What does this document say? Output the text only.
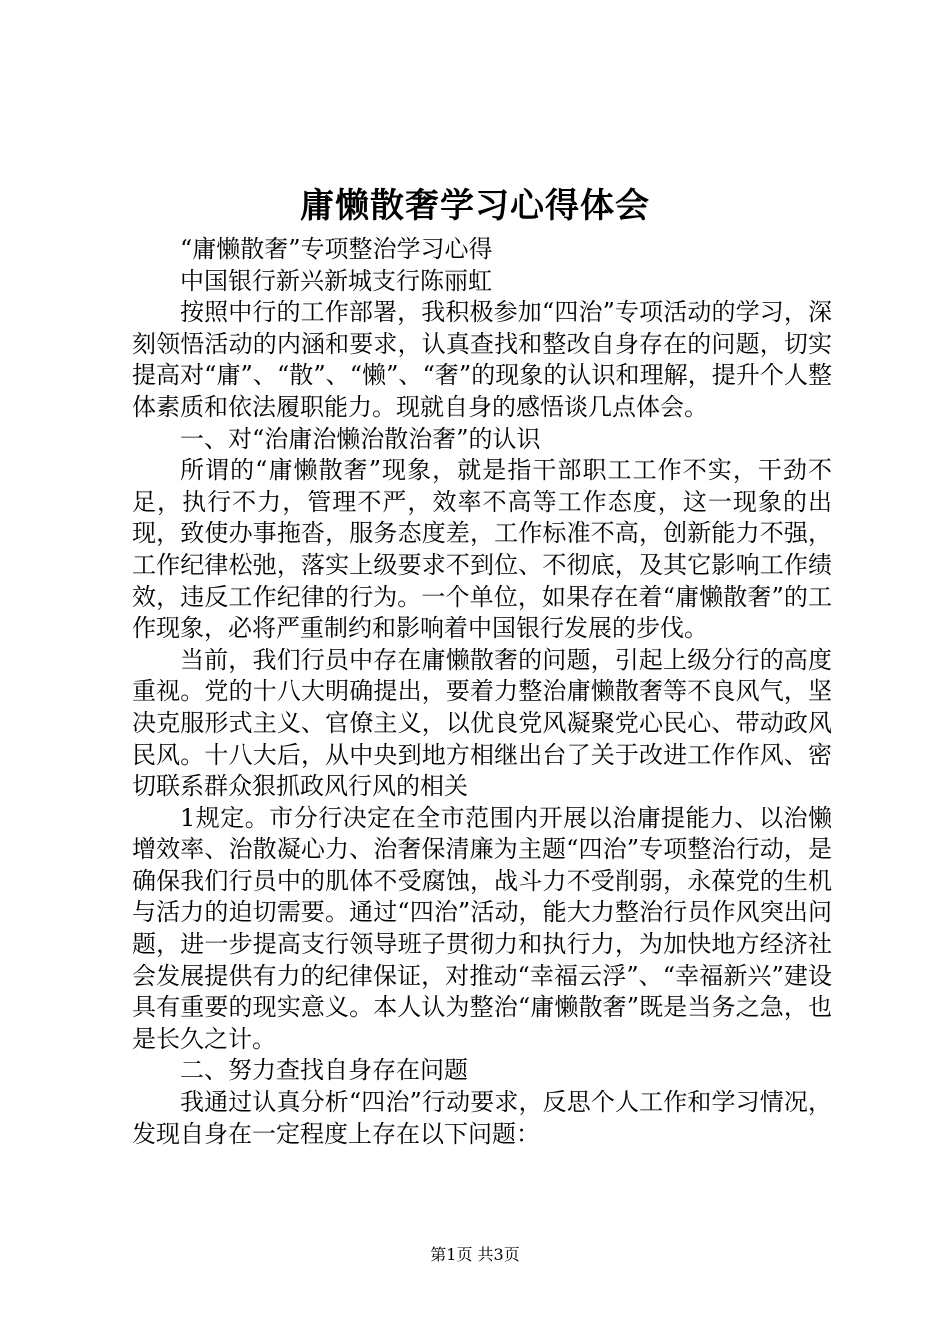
庸懒散奢学习心得体会

“庸懒散奢”专项整治学习心得

中国银行新兴新城支行陈丽虹

按照中行的工作部署，我积极参加“四治”专项活动的学习，深刻领悟活动的内涵和要求，认真查找和整改自身存在的问题，切实提高对“庸”、“散”、“懒”、“奢”的现象的认识和理解，提升个人整体素质和依法履职能力。现就自身的感悟谈几点体会。

一、对“治庸治懒治散治奢”的认识

所谓的“庸懒散奢”现象，就是指干部职工工作不实，干劲不足，执行不力，管理不严，效率不高等工作态度，这一现象的出现，致使办事拖沓，服务态度差，工作标准不高，创新能力不强，工作纪律松弛，落实上级要求不到位、不彻底，及其它影响工作绩效，违反工作纪律的行为。一个单位，如果存在着“庸懒散奢”的工作现象，必将严重制约和影响着中国银行发展的步伐。

当前，我们行员中存在庸懒散奢的问题，引起上级分行的高度重视。党的十八大明确提出，要着力整治庸懒散奢等不良风气，坚决克服形式主义、官僚主义，以优良党风凝聚党心民心、带动政风民风。十八大后，从中央到地方相继出台了关于改进工作作风、密切联系群众狠抓政风行风的相关

1规定。市分行决定在全市范围内开展以治庸提能力、以治懒增效率、治散凝心力、治奢保清廉为主题“四治”专项整治行动，是确保我们行员中的肌体不受腐蚀，战斗力不受削弱，永葆党的生机与活力的迫切需要。通过“四治”活动，能大力整治行员作风突出问题，进一步提高支行领导班子贯彻力和执行力，为加快地方经济社会发展提供有力的纪律保证，对推动“幸福云浮”、“幸福新兴”建设具有重要的现实意义。本人认为整治“庸懒散奢”既是当务之急，也是长久之计。

二、努力查找自身存在问题

我通过认真分析“四治”行动要求，反思个人工作和学习情况，发现自身在一定程度上存在以下问题：

第1页 共3页
